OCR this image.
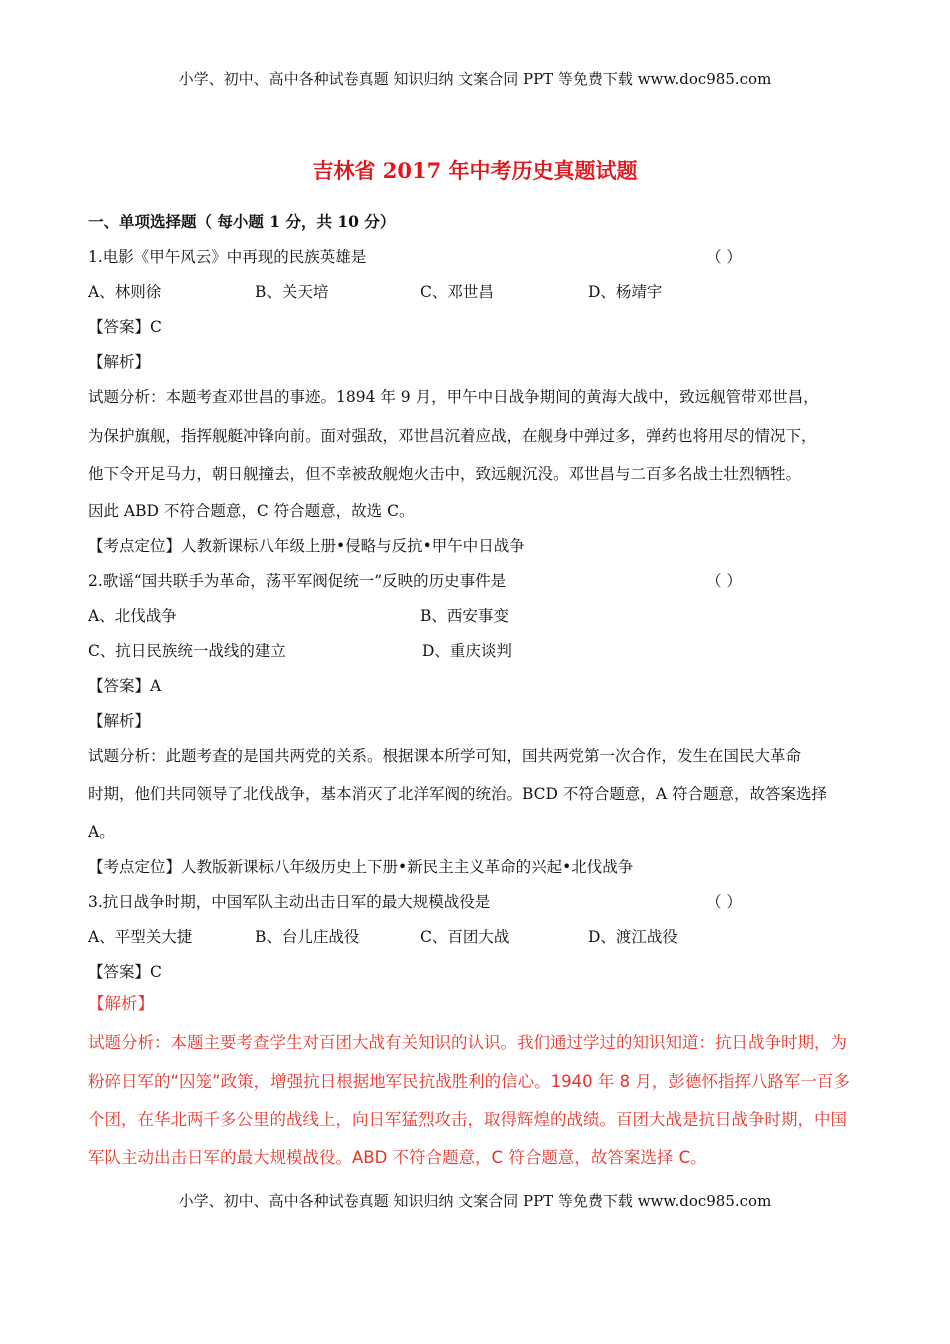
小学、初中、高中各种试卷真题 知识归纳 文案合同 PPT 等免费下载 www.doc985.com
吉林省 2017 年中考历史真题试题
一、单项选择题（ 每小题 1 分，共 10 分）
1.电影《甲午风云》中再现的民族英雄是	（ ）
A、林则徐	B、关天培	C、邓世昌	D、杨靖宇
【答案】C
【解析】
试题分析：本题考查邓世昌的事迹。1894 年 9 月，甲午中日战争期间的黄海大战中，致远舰管带邓世昌，
为保护旗舰，指挥舰艇冲锋向前。面对强敌，邓世昌沉着应战，在舰身中弹过多，弹药也将用尽的情况下，
他下令开足马力，朝日舰撞去，但不幸被敌舰炮火击中，致远舰沉没。邓世昌与二百多名战士壮烈牺牲。
因此 ABD 不符合题意，C 符合题意，故选 C。
【考点定位】人教新课标八年级上册•侵略与反抗•甲午中日战争
2.歌谣“国共联手为革命，荡平军阀促统一”反映的历史事件是	（ ）
A、北伐战争	B、西安事变
C、抗日民族统一战线的建立	D、重庆谈判
【答案】A
【解析】
试题分析：此题考查的是国共两党的关系。根据课本所学可知，国共两党第一次合作，发生在国民大革命
时期，他们共同领导了北伐战争，基本消灭了北洋军阀的统治。BCD 不符合题意，A 符合题意，故答案选择
A。
【考点定位】人教版新课标八年级历史上下册•新民主主义革命的兴起•北伐战争
3.抗日战争时期，中国军队主动出击日军的最大规模战役是	（ ）
A、平型关大捷	B、台儿庄战役	C、百团大战	D、渡江战役
【答案】C
【解析】
试题分析：本题主要考查学生对百团大战有关知识的认识。我们通过学过的知识知道：抗日战争时期，为
粉碎日军的“囚笼”政策，增强抗日根据地军民抗战胜利的信心。1940 年 8 月，彭德怀指挥八路军一百多
个团，在华北两千多公里的战线上，向日军猛烈攻击，取得辉煌的战绩。百团大战是抗日战争时期，中国
军队主动出击日军的最大规模战役。ABD 不符合题意，C 符合题意，故答案选择 C。
小学、初中、高中各种试卷真题 知识归纳 文案合同 PPT 等免费下载 www.doc985.com
